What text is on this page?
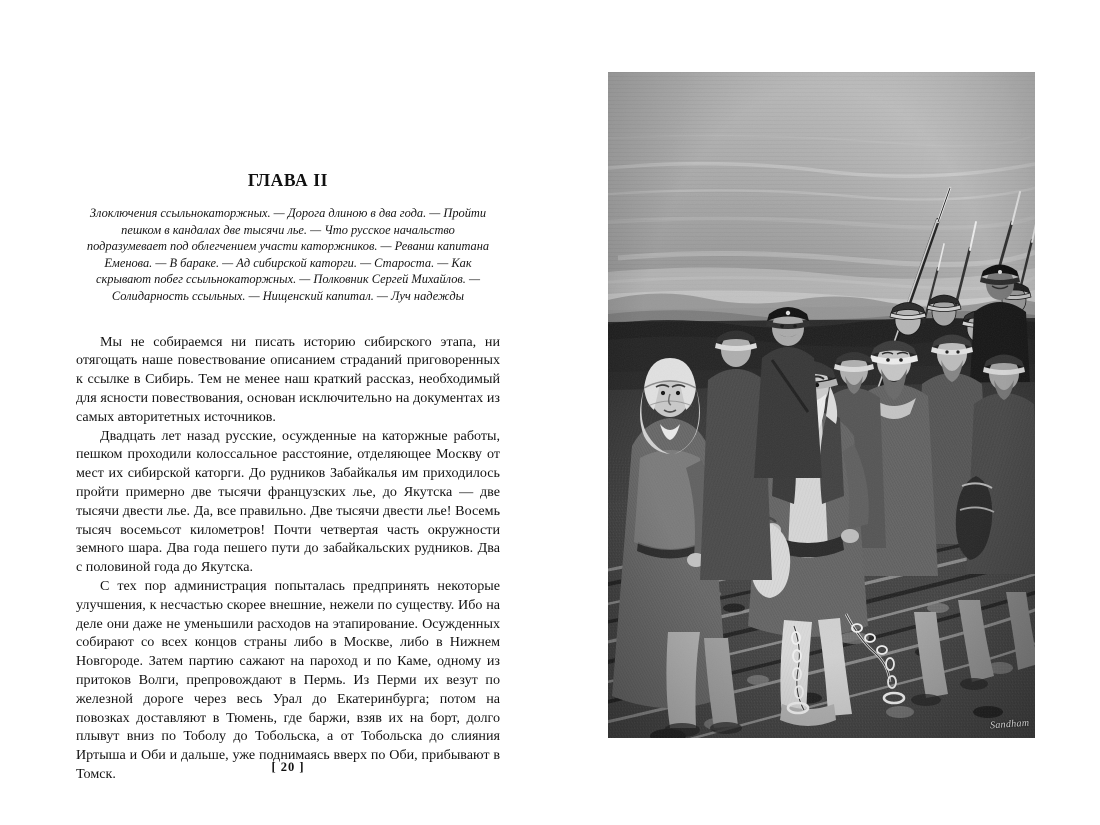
ГЛАВА II

Злоключения ссыльнокаторжных. — Дорога длиною в два года. — Пройти пешком в кандалах две тысячи лье. — Что русское начальство подразумевает под облегчением участи каторжников. — Реванш капитана Еменова. — В бараке. — Ад сибирской каторги. — Староста. — Как скрывают побег ссыльнокаторжных. — Полковник Сергей Михайлов. — Солидарность ссыльных. — Нищенский капитал. — Луч надежды

Мы не собираемся ни писать историю сибирского этапа, ни отягощать наше повествование описанием страданий приговоренных к ссылке в Сибирь. Тем не менее наш краткий рассказ, необходимый для ясности повествования, основан исключительно на документах из самых авторитетных источников.

Двадцать лет назад русские, осужденные на каторжные работы, пешком проходили колоссальное расстояние, отделяющее Москву от мест их сибирской каторги. До рудников Забайкалья им приходилось пройти примерно две тысячи французских лье, до Якутска — две тысячи двести лье. Да, все правильно. Две тысячи двести лье! Восемь тысяч восемьсот километров! Почти четвертая часть окружности земного шара. Два года пешего пути до забайкальских рудников. Два с половиной года до Якутска.

С тех пор администрация попыталась предпринять некоторые улучшения, к несчастью скорее внешние, нежели по существу. Ибо на деле они даже не уменьшили расходов на этапирование. Осужденных собирают со всех концов страны либо в Москве, либо в Нижнем Новгороде. Затем партию сажают на пароход и по Каме, одному из притоков Волги, препровождают в Пермь. Из Перми их везут по железной дороге через весь Урал до Екатеринбурга; потом на повозках доставляют в Тюмень, где баржи, взяв их на борт, долго плывут вниз по Тоболу до Тобольска, а от Тобольска до слияния Иртыша и Оби и дальше, уже поднимаясь вверх по Оби, прибывают в Томск.	[ 20 ]
Sandham
